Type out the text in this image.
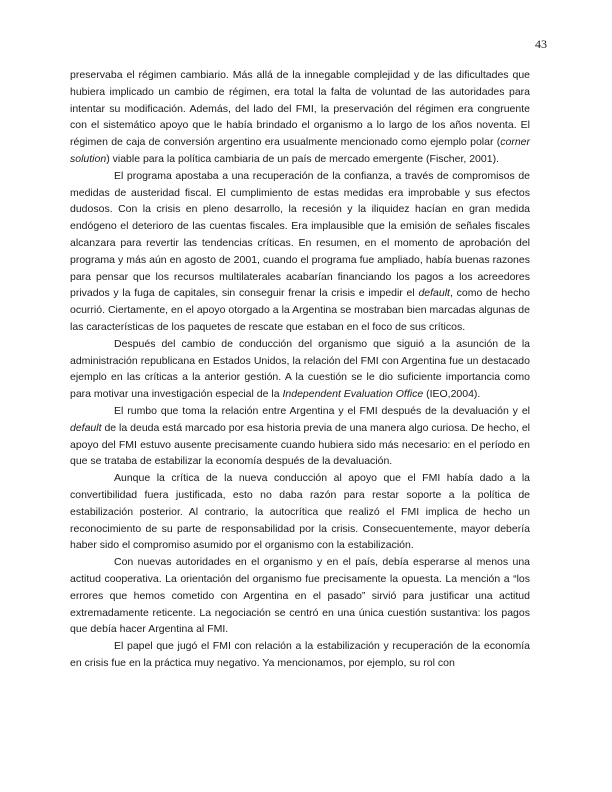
43

preservaba el régimen cambiario. Más allá de la innegable complejidad y de las dificultades que hubiera implicado un cambio de régimen, era total la falta de voluntad de las autoridades para intentar su modificación. Además, del lado del FMI, la preservación del régimen era congruente con el sistemático apoyo que le había brindado el organismo a lo largo de los años noventa. El régimen de caja de conversión argentino era usualmente mencionado como ejemplo polar (corner solution) viable para la política cambiaria de un país de mercado emergente (Fischer, 2001).

El programa apostaba a una recuperación de la confianza, a través de compromisos de medidas de austeridad fiscal. El cumplimiento de estas medidas era improbable y sus efectos dudosos. Con la crisis en pleno desarrollo, la recesión y la iliquidez hacían en gran medida endógeno el deterioro de las cuentas fiscales. Era implausible que la emisión de señales fiscales alcanzara para revertir las tendencias críticas. En resumen, en el momento de aprobación del programa y más aún en agosto de 2001, cuando el programa fue ampliado, había buenas razones para pensar que los recursos multilaterales acabarían financiando los pagos a los acreedores privados y la fuga de capitales, sin conseguir frenar la crisis e impedir el default, como de hecho ocurrió. Ciertamente, en el apoyo otorgado a la Argentina se mostraban bien marcadas algunas de las características de los paquetes de rescate que estaban en el foco de sus críticos.

Después del cambio de conducción del organismo que siguió a la asunción de la administración republicana en Estados Unidos, la relación del FMI con Argentina fue un destacado ejemplo en las críticas a la anterior gestión. A la cuestión se le dio suficiente importancia como para motivar una investigación especial de la Independent Evaluation Office (IEO,2004).

El rumbo que toma la relación entre Argentina y el FMI después de la devaluación y el default de la deuda está marcado por esa historia previa de una manera algo curiosa. De hecho, el apoyo del FMI estuvo ausente precisamente cuando hubiera sido más necesario: en el período en que se trataba de estabilizar la economía después de la devaluación.

Aunque la crítica de la nueva conducción al apoyo que el FMI había dado a la convertibilidad fuera justificada, esto no daba razón para restar soporte a la política de estabilización posterior. Al contrario, la autocrítica que realizó el FMI implica de hecho un reconocimiento de su parte de responsabilidad por la crisis. Consecuentemente, mayor debería haber sido el compromiso asumido por el organismo con la estabilización.

Con nuevas autoridades en el organismo y en el país, debía esperarse al menos una actitud cooperativa. La orientación del organismo fue precisamente la opuesta. La mención a “los errores que hemos cometido con Argentina en el pasado” sirvió para justificar una actitud extremadamente reticente. La negociación se centró en una única cuestión sustantiva: los pagos que debía hacer Argentina al FMI.

El papel que jugó el FMI con relación a la estabilización y recuperación de la economía en crisis fue en la práctica muy negativo. Ya mencionamos, por ejemplo, su rol con
